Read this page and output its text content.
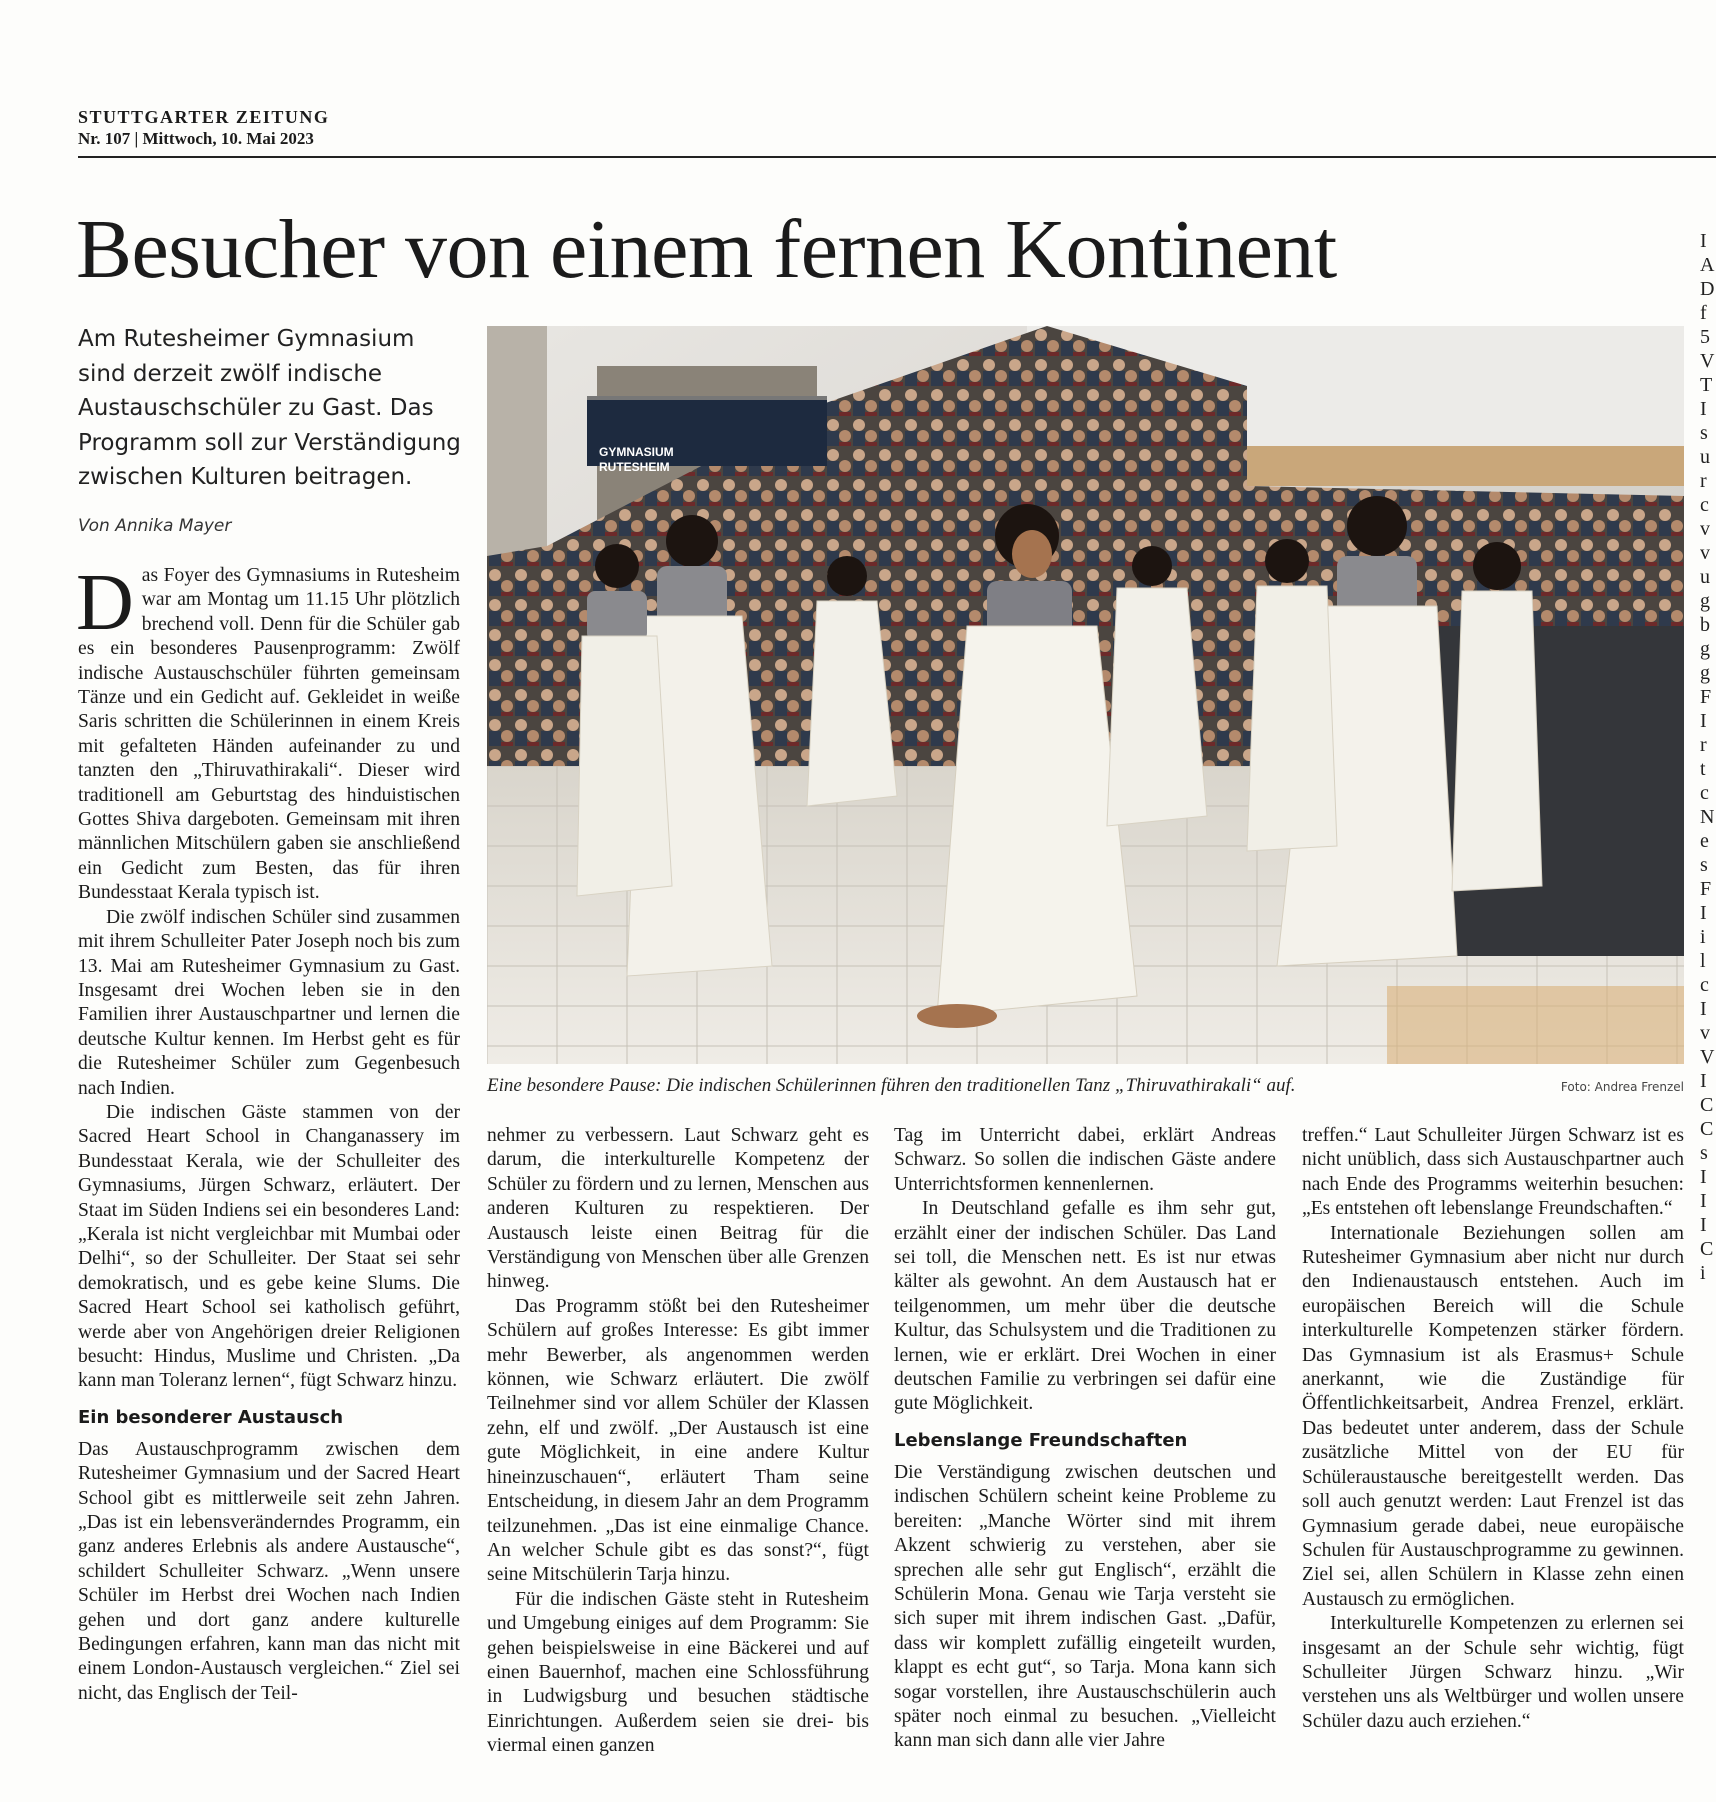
STUTTGARTER ZEITUNG
Nr. 107 | Mittwoch, 10. Mai 2023
Besucher von einem fernen Kontinent
Am Rutesheimer Gymnasium sind derzeit zwölf indische Austauschschüler zu Gast. Das Programm soll zur Verständigung zwischen Kulturen beitragen.
Von Annika Mayer

Das Foyer des Gymnasiums in Rutesheim war am Montag um 11.15 Uhr plötzlich brechend voll. Denn für die Schüler gab es ein besonderes Pausenprogramm: Zwölf indische Austauschschüler führten gemeinsam Tänze und ein Gedicht auf. Gekleidet in weiße Saris schritten die Schülerinnen in einem Kreis mit gefalteten Händen aufeinander zu und tanzten den „Thiruvathirakali“. Dieser wird traditionell am Geburtstag des hinduistischen Gottes Shiva dargeboten. Gemeinsam mit ihren männlichen Mitschülern gaben sie anschließend ein Gedicht zum Besten, das für ihren Bundesstaat Kerala typisch ist.

Die zwölf indischen Schüler sind zusammen mit ihrem Schulleiter Pater Joseph noch bis zum 13. Mai am Rutesheimer Gymnasium zu Gast. Insgesamt drei Wochen leben sie in den Familien ihrer Austauschpartner und lernen die deutsche Kultur kennen. Im Herbst geht es für die Rutesheimer Schüler zum Gegenbesuch nach Indien.

Die indischen Gäste stammen von der Sacred Heart School in Changanassery im Bundesstaat Kerala, wie der Schulleiter des Gymnasiums, Jürgen Schwarz, erläutert. Der Staat im Süden Indiens sei ein besonderes Land: „Kerala ist nicht vergleichbar mit Mumbai oder Delhi“, so der Schulleiter. Der Staat sei sehr demokratisch, und es gebe keine Slums. Die Sacred Heart School sei katholisch geführt, werde aber von Angehörigen dreier Religionen besucht: Hindus, Muslime und Christen. „Da kann man Toleranz lernen“, fügt Schwarz hinzu.

Ein besonderer Austausch

Das Austauschprogramm zwischen dem Rutesheimer Gymnasium und der Sacred Heart School gibt es mittlerweile seit zehn Jahren. „Das ist ein lebensveränderndes Programm, ein ganz anderes Erlebnis als andere Austausche“, schildert Schulleiter Schwarz. „Wenn unsere Schüler im Herbst drei Wochen nach Indien gehen und dort ganz andere kulturelle Bedingungen erfahren, kann man das nicht mit einem London-Austausch vergleichen.“ Ziel sei nicht, das Englisch der Teil-

GYMNASIUM
RUTESHEIM
Eine besondere Pause: Die indischen Schülerinnen führen den traditionellen Tanz „Thiruvathirakali“ auf.	Foto: Andrea Frenzel

nehmer zu verbessern. Laut Schwarz geht es darum, die interkulturelle Kompetenz der Schüler zu fördern und zu lernen, Menschen aus anderen Kulturen zu respektieren. Der Austausch leiste einen Beitrag für die Verständigung von Menschen über alle Grenzen hinweg.

Das Programm stößt bei den Rutesheimer Schülern auf großes Interesse: Es gibt immer mehr Bewerber, als angenommen werden können, wie Schwarz erläutert. Die zwölf Teilnehmer sind vor allem Schüler der Klassen zehn, elf und zwölf. „Der Austausch ist eine gute Möglichkeit, in eine andere Kultur hineinzuschauen“, erläutert Tham seine Entscheidung, in diesem Jahr an dem Programm teilzunehmen. „Das ist eine einmalige Chance. An welcher Schule gibt es das sonst?“, fügt seine Mitschülerin Tarja hinzu.

Für die indischen Gäste steht in Rutesheim und Umgebung einiges auf dem Programm: Sie gehen beispielsweise in eine Bäckerei und auf einen Bauernhof, machen eine Schlossführung in Ludwigsburg und besuchen städtische Einrichtungen. Außerdem seien sie drei- bis viermal einen ganzen

Tag im Unterricht dabei, erklärt Andreas Schwarz. So sollen die indischen Gäste andere Unterrichtsformen kennenlernen.

In Deutschland gefalle es ihm sehr gut, erzählt einer der indischen Schüler. Das Land sei toll, die Menschen nett. Es ist nur etwas kälter als gewohnt. An dem Austausch hat er teilgenommen, um mehr über die deutsche Kultur, das Schulsystem und die Traditionen zu lernen, wie er erklärt. Drei Wochen in einer deutschen Familie zu verbringen sei dafür eine gute Möglichkeit.

Lebenslange Freundschaften

Die Verständigung zwischen deutschen und indischen Schülern scheint keine Probleme zu bereiten: „Manche Wörter sind mit ihrem Akzent schwierig zu verstehen, aber sie sprechen alle sehr gut Englisch“, erzählt die Schülerin Mona. Genau wie Tarja versteht sie sich super mit ihrem indischen Gast. „Dafür, dass wir komplett zufällig eingeteilt wurden, klappt es echt gut“, so Tarja. Mona kann sich sogar vorstellen, ihre Austauschschülerin auch später noch einmal zu besuchen. „Vielleicht kann man sich dann alle vier Jahre

treffen.“ Laut Schulleiter Jürgen Schwarz ist es nicht unüblich, dass sich Austauschpartner auch nach Ende des Programms weiterhin besuchen: „Es entstehen oft lebenslange Freundschaften.“

Internationale Beziehungen sollen am Rutesheimer Gymnasium aber nicht nur durch den Indienaustausch entstehen. Auch im europäischen Bereich will die Schule interkulturelle Kompetenzen stärker fördern. Das Gymnasium ist als Erasmus+ Schule anerkannt, wie die Zuständige für Öffentlichkeitsarbeit, Andrea Frenzel, erklärt. Das bedeutet unter anderem, dass der Schule zusätzliche Mittel von der EU für Schüleraustausche bereitgestellt werden. Das soll auch genutzt werden: Laut Frenzel ist das Gymnasium gerade dabei, neue europäische Schulen für Austauschprogramme zu gewinnen. Ziel sei, allen Schülern in Klasse zehn einen Austausch zu ermöglichen.

Interkulturelle Kompetenzen zu erlernen sei insgesamt an der Schule sehr wichtig, fügt Schulleiter Jürgen Schwarz hinzu. „Wir verstehen uns als Weltbürger und wollen unsere Schüler dazu auch erziehen.“

I
A
D
f
5
V
T
I
s
u
r
c
v
v
u
g
b
g
g
F
I
r
t
c
N
e
s
F
I
i
l
c
I
v
V
I
C
C
s
I
I
I
C
i
